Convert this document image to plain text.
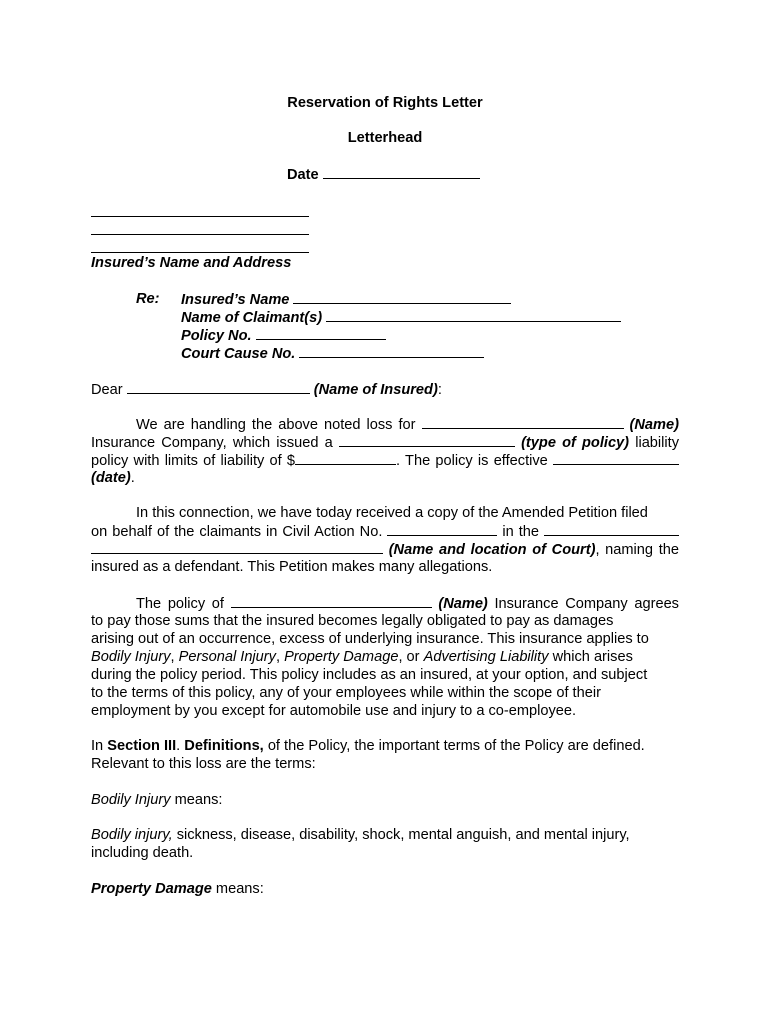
Reservation of Rights Letter
Letterhead
Date
Insured’s Name and Address
Re: Insured’s Name
Name of Claimant(s)
Policy No.
Court Cause No.
Dear	(Name of Insured):
We are handling the above noted loss for	(Name)
Insurance Company, which issued a	(type of policy) liability
policy with limits of liability of $	. The policy is effective
(date).
In this connection, we have today received a copy of the Amended Petition filed
on behalf of the claimants in Civil Action No.	in the
(Name and location of Court), naming the
insured as a defendant. This Petition makes many allegations.
The policy of	(Name) Insurance Company agrees
to pay those sums that the insured becomes legally obligated to pay as damages
arising out of an occurrence, excess of underlying insurance. This insurance applies to
Bodily Injury, Personal Injury, Property Damage, or Advertising Liability which arises
during the policy period. This policy includes as an insured, at your option, and subject
to the terms of this policy, any of your employees while within the scope of their
employment by you except for automobile use and injury to a co-employee.
In Section III. Definitions, of the Policy, the important terms of the Policy are defined.
Relevant to this loss are the terms:
Bodily Injury means:
Bodily injury, sickness, disease, disability, shock, mental anguish, and mental injury,
including death.
Property Damage means:
